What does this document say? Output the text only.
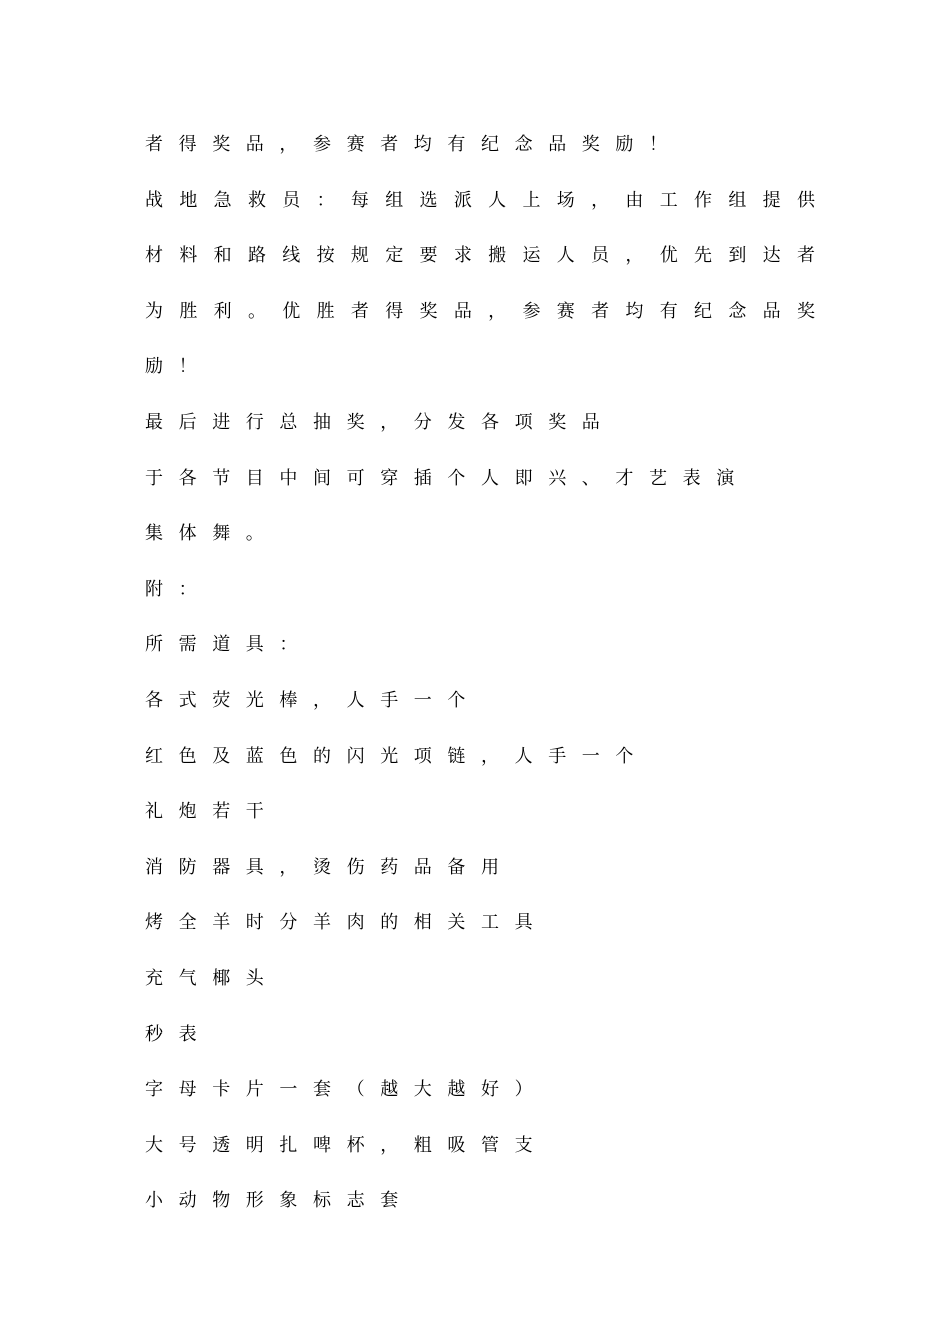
者得奖品，参赛者均有纪念品奖励！
战地急救员：每组选派人上场，由工作组提供
材料和路线按规定要求搬运人员，优先到达者
为胜利。优胜者得奖品，参赛者均有纪念品奖
励！
最后进行总抽奖，分发各项奖品
于各节目中间可穿插个人即兴、才艺表演
集体舞。
附：
所需道具：
各式荧光棒，人手一个
红色及蓝色的闪光项链，人手一个
礼炮若干
消防器具，烫伤药品备用
烤全羊时分羊肉的相关工具
充气椰头
秒表
字母卡片一套（越大越好）
大号透明扎啤杯，粗吸管支
小动物形象标志套
